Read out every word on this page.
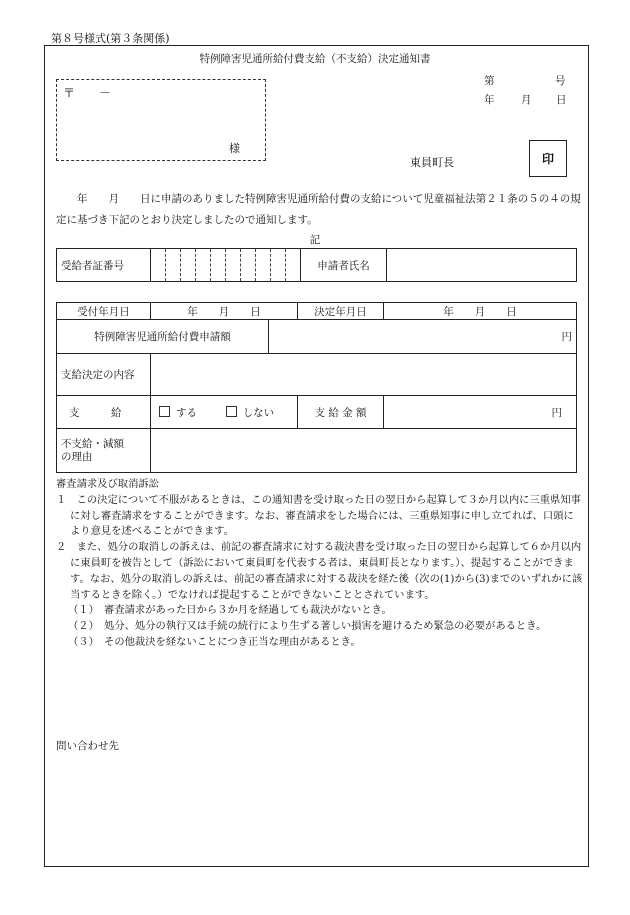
第８号様式(第３条関係)
特例障害児通所給付費支給（不支給）決定通知書
〒　　－
様
第	号
年	月 日
東員町長	印
　　年　　月　　日に申請のありました特例障害児通所給付費の支給について児童福祉法第２１条の５の４の規定に基づき下記のとおり決定しましたので通知します。
記
受給者証番号											申請者氏名	
受付年月日	年　　月　　日		決定年月日	年　　月　　日
特例障害児通所給付費申請額		円		
支給決定の内容				
支　　　給	する しない		支 給 金 額	円

不支給・減額
の理由				

審査請求及び取消訴訟

１　この決定について不服があるときは、この通知書を受け取った日の翌日から起算して３か月以内に三重県知事に対し審査請求をすることができます。なお、審査請求をした場合には、三重県知事に申し立てれば、口頭により意見を述べることができます。

２　また、処分の取消しの訴えは、前記の審査請求に対する裁決書を受け取った日の翌日から起算して６か月以内に東員町を被告として（訴訟において東員町を代表する者は、東員町長となります。）、提起することができます。なお、処分の取消しの訴えは、前記の審査請求に対する裁決を経た後（次の(1)から(3)までのいずれかに該当するときを除く。）でなければ提起することができないこととされています。

（１）　審査請求があった日から３か月を経過しても裁決がないとき。

（２）　処分、処分の執行又は手続の続行により生ずる著しい損害を避けるため緊急の必要があるとき。

（３）　その他裁決を経ないことにつき正当な理由があるとき。

問い合わせ先
